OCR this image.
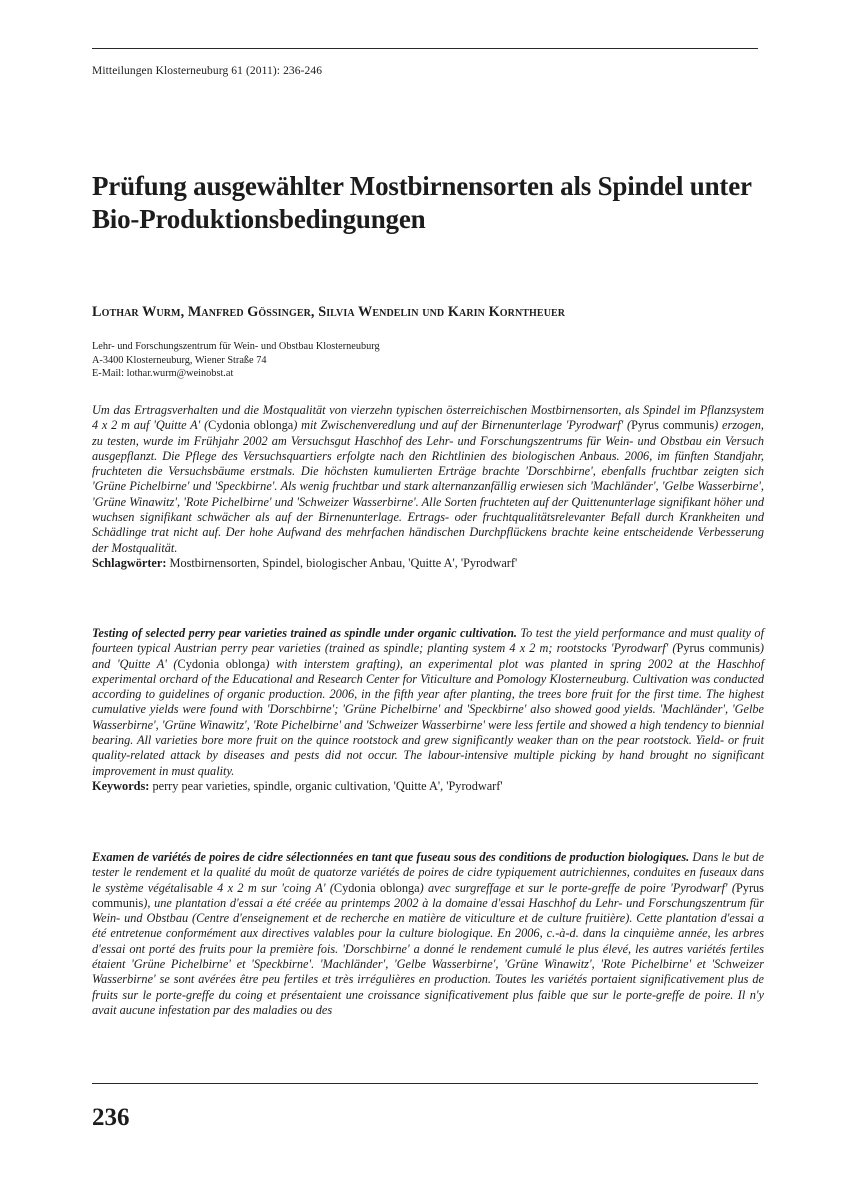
Mitteilungen Klosterneuburg 61 (2011): 236-246
Prüfung ausgewählter Mostbirnensorten als Spindel unter Bio-Produktionsbedingungen
Lothar Wurm, Manfred Gössinger, Silvia Wendelin und Karin Korntheuer
Lehr- und Forschungszentrum für Wein- und Obstbau Klosterneuburg
A-3400 Klosterneuburg, Wiener Straße 74
E-Mail: lothar.wurm@weinobst.at
Um das Ertragsverhalten und die Mostqualität von vierzehn typischen österreichischen Mostbirnensorten, als Spindel im Pflanzsystem 4 x 2 m auf 'Quitte A' (Cydonia oblonga) mit Zwischenveredlung und auf der Birnenunterlage 'Pyrodwarf' (Pyrus communis) erzogen, zu testen, wurde im Frühjahr 2002 am Versuchsgut Haschhof des Lehr- und Forschungszentrums für Wein- und Obstbau ein Versuch ausgepflanzt. Die Pflege des Versuchsquartiers erfolgte nach den Richtlinien des biologischen Anbaus. 2006, im fünften Standjahr, fruchteten die Versuchsbäume erstmals. Die höchsten kumulierten Erträge brachte 'Dorschbirne', ebenfalls fruchtbar zeigten sich 'Grüne Pichelbirne' und 'Speckbirne'. Als wenig fruchtbar und stark alternanzanfällig erwiesen sich 'Machländer', 'Gelbe Wasserbirne', 'Grüne Winawitz', 'Rote Pichelbirne' und 'Schweizer Wasserbirne'. Alle Sorten fruchteten auf der Quittenunterlage signifikant höher und wuchsen signifikant schwächer als auf der Birnenunterlage. Ertrags- oder fruchtqualitätsrelevanter Befall durch Krankheiten und Schädlinge trat nicht auf. Der hohe Aufwand des mehrfachen händischen Durchpflückens brachte keine entscheidende Verbesserung der Mostqualität.
Schlagwörter: Mostbirnensorten, Spindel, biologischer Anbau, 'Quitte A', 'Pyrodwarf'
Testing of selected perry pear varieties trained as spindle under organic cultivation. To test the yield performance and must quality of fourteen typical Austrian perry pear varieties (trained as spindle; planting system 4 x 2 m; rootstocks 'Pyrodwarf' (Pyrus communis) and 'Quitte A' (Cydonia oblonga) with interstem grafting), an experimental plot was planted in spring 2002 at the Haschhof experimental orchard of the Educational and Research Center for Viticulture and Pomology Klosterneuburg. Cultivation was conducted according to guidelines of organic production. 2006, in the fifth year after planting, the trees bore fruit for the first time. The highest cumulative yields were found with 'Dorschbirne'; 'Grüne Pichelbirne' and 'Speckbirne' also showed good yields. 'Machländer', 'Gelbe Wasserbirne', 'Grüne Winawitz', 'Rote Pichelbirne' and 'Schweizer Wasserbirne' were less fertile and showed a high tendency to biennial bearing. All varieties bore more fruit on the quince rootstock and grew significantly weaker than on the pear rootstock. Yield- or fruit quality-related attack by diseases and pests did not occur. The labour-intensive multiple picking by hand brought no significant improvement in must quality.
Keywords: perry pear varieties, spindle, organic cultivation, 'Quitte A', 'Pyrodwarf'
Examen de variétés de poires de cidre sélectionnées en tant que fuseau sous des conditions de production biologiques. Dans le but de tester le rendement et la qualité du moût de quatorze variétés de poires de cidre typiquement autrichiennes, conduites en fuseaux dans le système végétalisable 4 x 2 m sur 'coing A' (Cydonia oblonga) avec surgreffage et sur le porte-greffe de poire 'Pyrodwarf' (Pyrus communis), une plantation d'essai a été créée au printemps 2002 à la domaine d'essai Haschhof du Lehr- und Forschungszentrum für Wein- und Obstbau (Centre d'enseignement et de recherche en matière de viticulture et de culture fruitière). Cette plantation d'essai a été entretenue conformément aux directives valables pour la culture biologique. En 2006, c.-à-d. dans la cinquième année, les arbres d'essai ont porté des fruits pour la première fois. 'Dorschbirne' a donné le rendement cumulé le plus élevé, les autres variétés fertiles étaient 'Grüne Pichelbirne' et 'Speckbirne'. 'Machländer', 'Gelbe Wasserbirne', 'Grüne Winawitz', 'Rote Pichelbirne' et 'Schweizer Wasserbirne' se sont avérées être peu fertiles et très irrégulières en production. Toutes les variétés portaient significativement plus de fruits sur le porte-greffe du coing et présentaient une croissance significativement plus faible que sur le porte-greffe de poire. Il n'y avait aucune infestation par des maladies ou des
236
